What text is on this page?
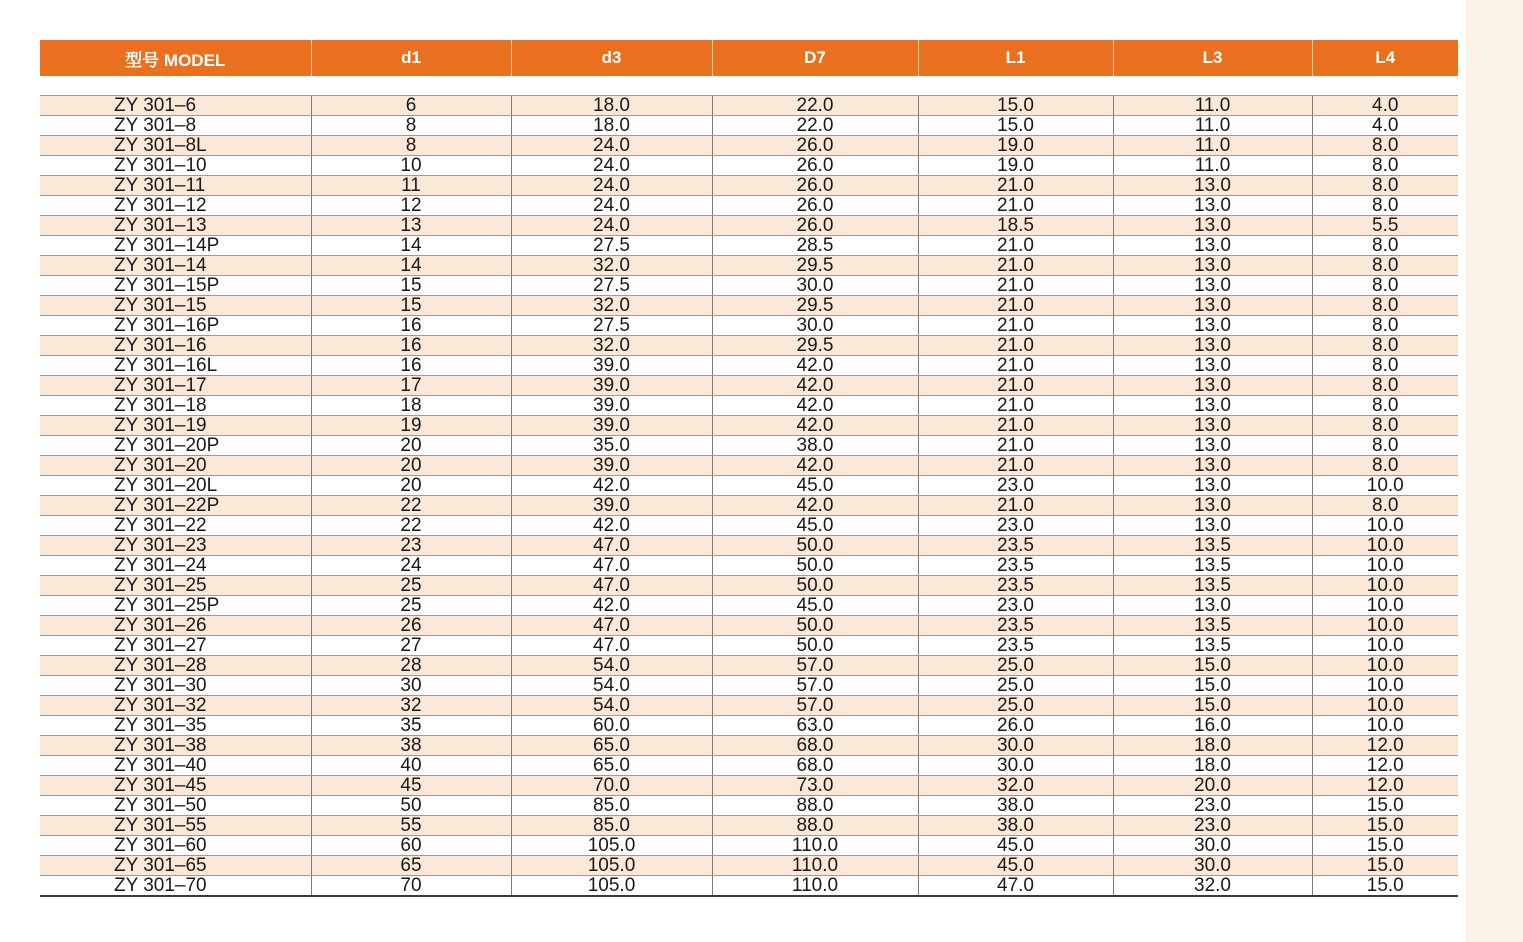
型号 MODEL	d1	d3	D7	L1	L3	L4

ZY 301–6	6	18.0	22.0	15.0	11.0	4.0
ZY 301–8	8	18.0	22.0	15.0	11.0	4.0
ZY 301–8L	8	24.0	26.0	19.0	11.0	8.0
ZY 301–10	10	24.0	26.0	19.0	11.0	8.0
ZY 301–11	11	24.0	26.0	21.0	13.0	8.0
ZY 301–12	12	24.0	26.0	21.0	13.0	8.0
ZY 301–13	13	24.0	26.0	18.5	13.0	5.5
ZY 301–14P	14	27.5	28.5	21.0	13.0	8.0
ZY 301–14	14	32.0	29.5	21.0	13.0	8.0
ZY 301–15P	15	27.5	30.0	21.0	13.0	8.0
ZY 301–15	15	32.0	29.5	21.0	13.0	8.0
ZY 301–16P	16	27.5	30.0	21.0	13.0	8.0
ZY 301–16	16	32.0	29.5	21.0	13.0	8.0
ZY 301–16L	16	39.0	42.0	21.0	13.0	8.0
ZY 301–17	17	39.0	42.0	21.0	13.0	8.0
ZY 301–18	18	39.0	42.0	21.0	13.0	8.0
ZY 301–19	19	39.0	42.0	21.0	13.0	8.0
ZY 301–20P	20	35.0	38.0	21.0	13.0	8.0
ZY 301–20	20	39.0	42.0	21.0	13.0	8.0
ZY 301–20L	20	42.0	45.0	23.0	13.0	10.0
ZY 301–22P	22	39.0	42.0	21.0	13.0	8.0
ZY 301–22	22	42.0	45.0	23.0	13.0	10.0
ZY 301–23	23	47.0	50.0	23.5	13.5	10.0
ZY 301–24	24	47.0	50.0	23.5	13.5	10.0
ZY 301–25	25	47.0	50.0	23.5	13.5	10.0
ZY 301–25P	25	42.0	45.0	23.0	13.0	10.0
ZY 301–26	26	47.0	50.0	23.5	13.5	10.0
ZY 301–27	27	47.0	50.0	23.5	13.5	10.0
ZY 301–28	28	54.0	57.0	25.0	15.0	10.0
ZY 301–30	30	54.0	57.0	25.0	15.0	10.0
ZY 301–32	32	54.0	57.0	25.0	15.0	10.0
ZY 301–35	35	60.0	63.0	26.0	16.0	10.0
ZY 301–38	38	65.0	68.0	30.0	18.0	12.0
ZY 301–40	40	65.0	68.0	30.0	18.0	12.0
ZY 301–45	45	70.0	73.0	32.0	20.0	12.0
ZY 301–50	50	85.0	88.0	38.0	23.0	15.0
ZY 301–55	55	85.0	88.0	38.0	23.0	15.0
ZY 301–60	60	105.0	110.0	45.0	30.0	15.0
ZY 301–65	65	105.0	110.0	45.0	30.0	15.0
ZY 301–70	70	105.0	110.0	47.0	32.0	15.0
